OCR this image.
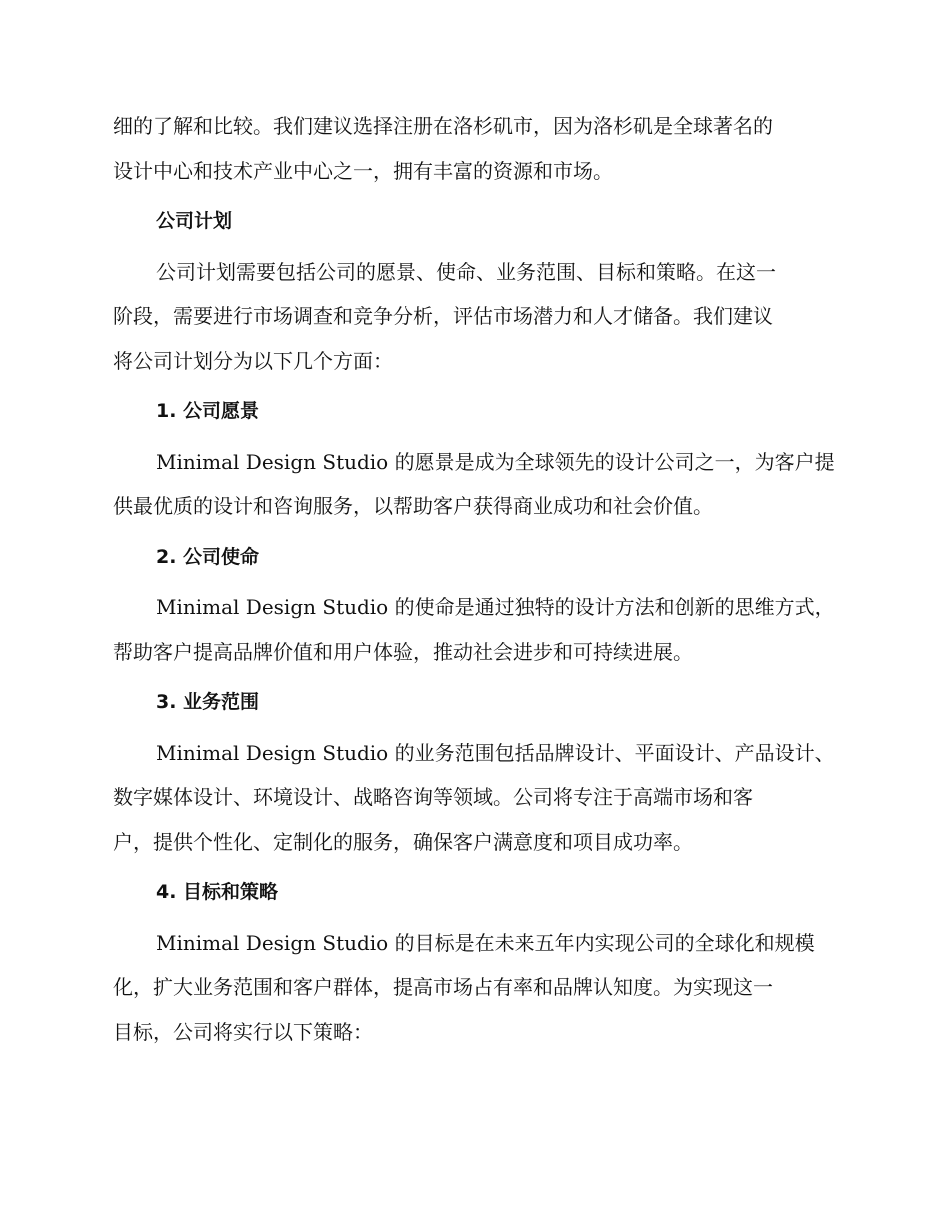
细的了解和比较。我们建议选择注册在洛杉矶市，因为洛杉矶是全球著名的
设计中心和技术产业中心之一，拥有丰富的资源和市场。
公司计划
公司计划需要包括公司的愿景、使命、业务范围、目标和策略。在这一
阶段，需要进行市场调查和竞争分析，评估市场潜力和人才储备。我们建议
将公司计划分为以下几个方面：
1. 公司愿景
Minimal Design Studio 的愿景是成为全球领先的设计公司之一，为客户提
供最优质的设计和咨询服务，以帮助客户获得商业成功和社会价值。
2. 公司使命
Minimal Design Studio 的使命是通过独特的设计方法和创新的思维方式，
帮助客户提高品牌价值和用户体验，推动社会进步和可持续进展。
3. 业务范围
Minimal Design Studio 的业务范围包括品牌设计、平面设计、产品设计、
数字媒体设计、环境设计、战略咨询等领域。公司将专注于高端市场和客
户，提供个性化、定制化的服务，确保客户满意度和项目成功率。
4. 目标和策略
Minimal Design Studio 的目标是在未来五年内实现公司的全球化和规模
化，扩大业务范围和客户群体，提高市场占有率和品牌认知度。为实现这一
目标，公司将实行以下策略：
